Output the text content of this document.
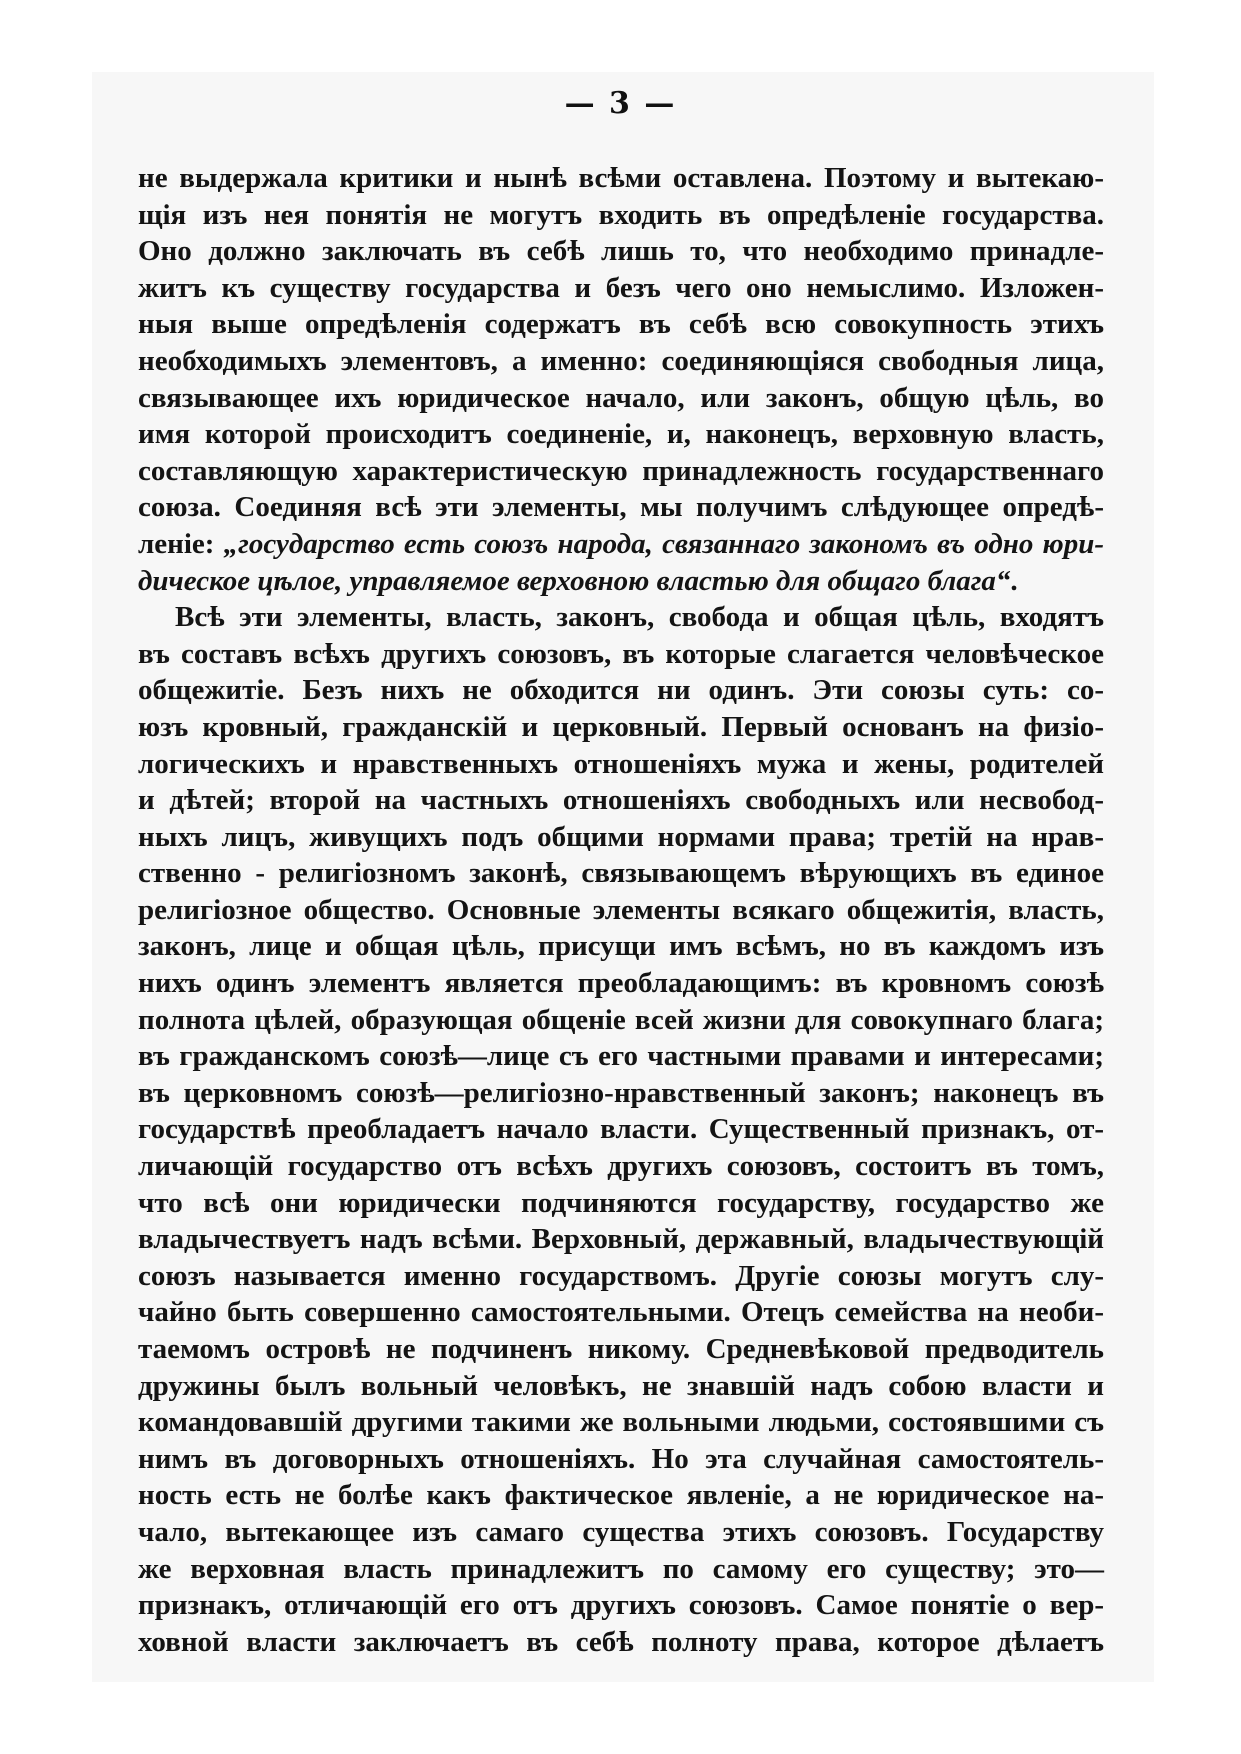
— 3 —
не выдержала критики и нынѣ всѣми оставлена. Поэтому и вытекаю-
щія изъ нея понятія не могутъ входить въ опредѣленіе государства.
Оно должно заключать въ себѣ лишь то, что необходимо принадле-
житъ къ существу государства и безъ чего оно немыслимо. Изложен-
ныя выше опредѣленія содержатъ въ себѣ всю совокупность этихъ
необходимыхъ элементовъ, а именно: соединяющіяся свободныя лица,
связывающее ихъ юридическое начало, или законъ, общую цѣль, во
имя которой происходитъ соединеніе, и, наконецъ, верховную власть,
составляющую характеристическую принадлежность государственнаго
союза. Соединяя всѣ эти элементы, мы получимъ слѣдующее опредѣ-
леніе: „государство есть союзъ народа, связаннаго закономъ въ одно юри-
дическое цѣлое, управляемое верховною властью для общаго блага“.
Всѣ эти элементы, власть, законъ, свобода и общая цѣль, входятъ
въ составъ всѣхъ другихъ союзовъ, въ которые слагается человѣческое
общежитіе. Безъ нихъ не обходится ни одинъ. Эти союзы суть: со-
юзъ кровный, гражданскій и церковный. Первый основанъ на физіо-
логическихъ и нравственныхъ отношеніяхъ мужа и жены, родителей
и дѣтей; второй на частныхъ отношеніяхъ свободныхъ или несвобод-
ныхъ лицъ, живущихъ подъ общими нормами права; третій на нрав-
ственно - религіозномъ законѣ, связывающемъ вѣрующихъ въ единое
религіозное общество. Основные элементы всякаго общежитія, власть,
законъ, лице и общая цѣль, присущи имъ всѣмъ, но въ каждомъ изъ
нихъ одинъ элементъ является преобладающимъ: въ кровномъ союзѣ
полнота цѣлей, образующая общеніе всей жизни для совокупнаго блага;
въ гражданскомъ союзѣ—лице съ его частными правами и интересами;
въ церковномъ союзѣ—религіозно-нравственный законъ; наконецъ въ
государствѣ преобладаетъ начало власти. Существенный признакъ, от-
личающій государство отъ всѣхъ другихъ союзовъ, состоитъ въ томъ,
что всѣ они юридически подчиняются государству, государство же
владычествуетъ надъ всѣми. Верховный, державный, владычествующій
союзъ называется именно государствомъ. Другіе союзы могутъ слу-
чайно быть совершенно самостоятельными. Отецъ семейства на необи-
таемомъ островѣ не подчиненъ никому. Средневѣковой предводитель
дружины былъ вольный человѣкъ, не знавшій надъ собою власти и
командовавшій другими такими же вольными людьми, состоявшими съ
нимъ въ договорныхъ отношеніяхъ. Но эта случайная самостоятель-
ность есть не болѣе какъ фактическое явленіе, а не юридическое на-
чало, вытекающее изъ самаго существа этихъ союзовъ. Государству
же верховная власть принадлежитъ по самому его существу; это—
признакъ, отличающій его отъ другихъ союзовъ. Самое понятіе о вер-
ховной власти заключаетъ въ себѣ полноту права, которое дѣлаетъ
